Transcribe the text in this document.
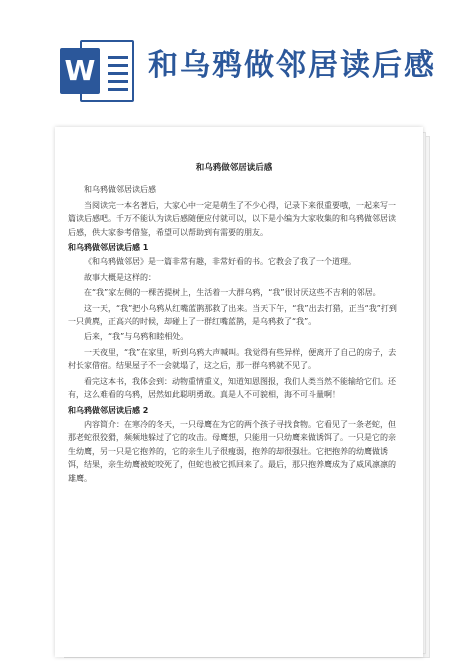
W 和乌鸦做邻居读后感

和乌鸦做邻居读后感

和乌鸦做邻居读后感

当阅读完一本名著后，大家心中一定是萌生了不少心得，记录下来很重要哦，一起来写一篇读后感吧。千万不能认为读后感随便应付就可以，以下是小编为大家收集的和乌鸦做邻居读后感，供大家参考借鉴，希望可以帮助到有需要的朋友。

和乌鸦做邻居读后感 1

《和乌鸦做邻居》是一篇非常有趣，非常好看的书。它教会了我了一个道理。

故事大概是这样的：

在“我”家左侧的一棵苦提树上，生活着一大群乌鸦，“我”很讨厌这些不吉利的邻居。

这一天，“我”把小乌鸦从红嘴蓝鹊那救了出来。当天下午，“我”出去打猎，正当“我”打到一只黄麂，正高兴的时候，却碰上了一群红嘴蓝鹊，是乌鸦救了“我”。

后来，“我”与乌鸦和睦相处。

一天夜里，“我”在家里，听到乌鸦大声喊叫。我觉得有些异样，便离开了自己的房子，去村长家借宿。结果屋子不一会就塌了，这之后，那一群乌鸦就不见了。

看完这本书，我体会到：动物重情重义，知道知恩图报，我们人类当然不能输给它们。还有，这么难看的乌鸦，居然如此聪明勇敢。真是人不可貌相，海不可斗量啊！

和乌鸦做邻居读后感 2

内容简介：在寒冷的冬天，一只母鹰在为它的两个孩子寻找食物。它看见了一条老蛇，但那老蛇很狡猾，频频地躲过了它的攻击。母鹰想，只能用一只幼鹰来做诱饵了。一只是它的亲生幼鹰，另一只是它抱养的，它的亲生儿子很瘦弱，抱养的却很强壮。它把抱养的幼鹰做诱饵，结果，亲生幼鹰被蛇咬死了，但蛇也被它抓回来了。最后，那只抱养鹰成为了威风凛凛的雄鹰。
